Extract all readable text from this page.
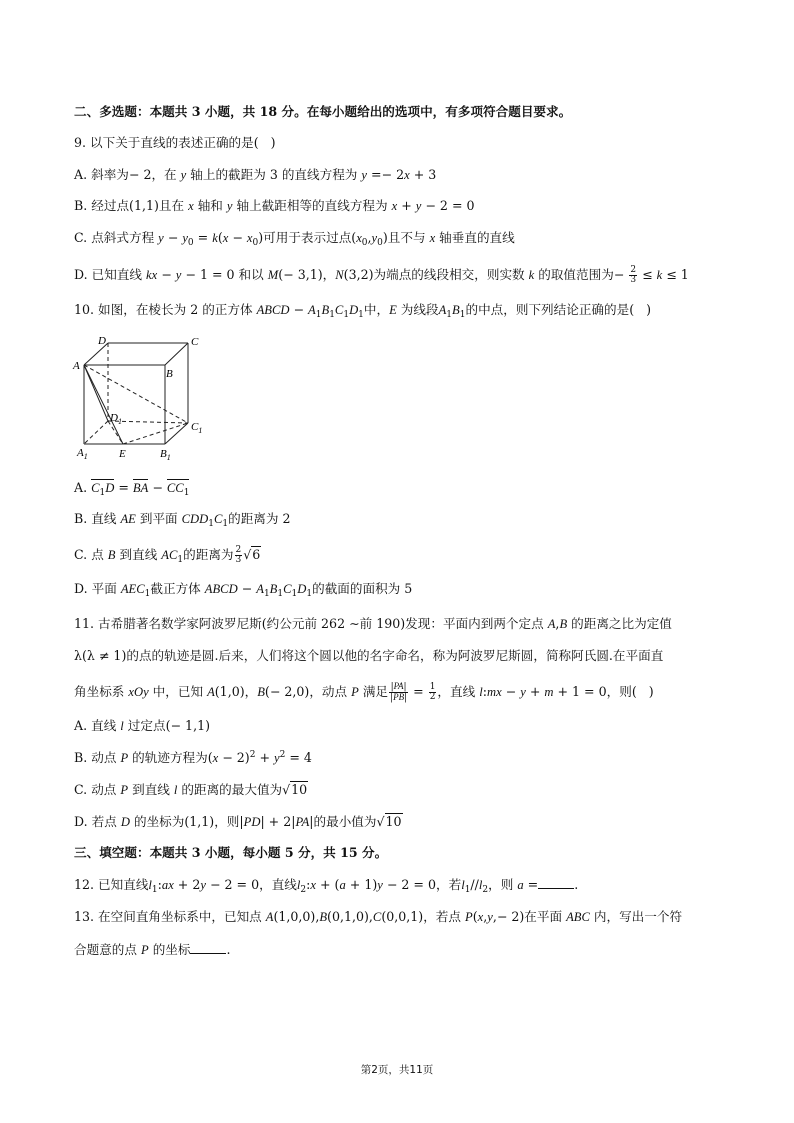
二、多选题：本题共 3 小题，共 18 分。在每小题给出的选项中，有多项符合题目要求。
9. 以下关于直线的表述正确的是(   )
A. 斜率为− 2，在 y 轴上的截距为 3 的直线方程为 y =− 2x + 3
B. 经过点(1,1)且在 x 轴和 y 轴上截距相等的直线方程为 x + y − 2 = 0
C. 点斜式方程 $y - y_0 = k(x - x_0)$可用于表示过点$(x_0,y_0)$且不与 x 轴垂直的直线
D. 已知直线 kx − y − 1 = 0 和以 M(− 3,1)，N(3,2)为端点的线段相交，则实数 k 的取值范围为− $\frac{2}{3} \le k \le 1$
10. 如图，在棱长为 2 的正方体 ABCD − $A_1B_1C_1D_1$中，E 为线段$A_1B_1$的中点，则下列结论正确的是(   )
D	C
A
B
$D_1$	$C_1$
$A_1$	E	$B_1$
A. $C_1D$ = BA − $CC_1$
B. 直线 AE 到平面 $CDD_1C_1$的距离为 2
C. 点 B 到直线 $AC_1$的距离为 $\frac{2}{3} √6$
D. 平面 $AEC_1$截正方体 ABCD − $A_1B_1C_1D_1$的截面的面积为 5
11. 古希腊著名数学家阿波罗尼斯(约公元前 262 ∼前 190)发现：平面内到两个定点 A,B 的距离之比为定值
λ(λ ≠ 1)的点的轨迹是圆.后来，人们将这个圆以他的名字命名，称为阿波罗尼斯圆，简称阿氏圆.在平面直
角坐标系 xOy 中，已知 A(1,0)，B(− 2,0)，动点 P 满足 $\frac{|PA|}{|PB|} = \frac{1}{2}$ ，直线 l:mx − y + m + 1 = 0，则(   )
A. 直线 l 过定点(− 1,1)
B. 动点 P 的轨迹方程为$(x - 2)^2 + y^2 = 4$
C. 动点 P 到直线 l 的距离的最大值为√10
D. 若点 D 的坐标为(1,1)，则|PD| + 2|PA|的最小值为√10
三、填空题：本题共 3 小题，每小题 5 分，共 15 分。
12. 已知直线$l_1:ax + 2y - 2 = 0$，直线$l_2:x + (a + 1)y - 2 = 0$，若$l_1//l_2$，则 a =	.
13. 在空间直角坐标系中，已知点 A(1,0,0),B(0,1,0),C(0,0,1)，若点 P(x,y,− 2)在平面 ABC 内，写出一个符
合题意的点 P 的坐标	.
第2页，共11页
